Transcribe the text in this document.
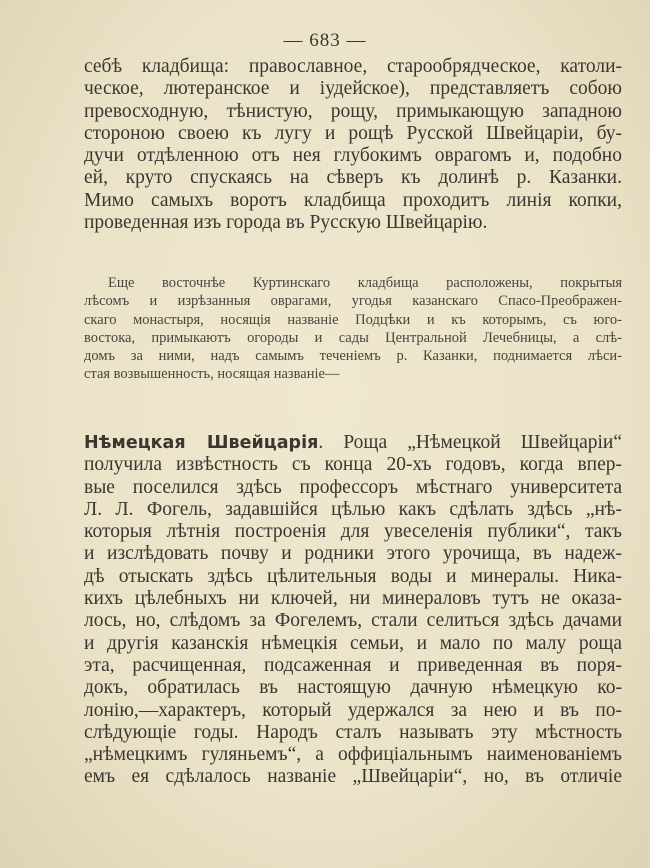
— 683 —
себѣ кладбища: православное, старообрядческое, католи-
ческое, лютеранское и іудейское), представляетъ собою
превосходную, тѣнистую, рощу, примыкающую западною
стороною своею къ лугу и рощѣ Русской Швейцаріи, бу-
дучи отдѣленною отъ нея глубокимъ оврагомъ и, подобно
ей, круто спускаясь на сѣверъ къ долинѣ р. Казанки.
Мимо самыхъ воротъ кладбища проходитъ линія копки,
проведенная изъ города въ Русскую Швейцарію.
Еще восточнѣе Куртинскаго кладбища расположены, покрытыя
лѣсомъ и изрѣзанныя оврагами, угодья казанскаго Спасо-Преображен-
скаго монастыря, носящія названіе Подцѣки и къ которымъ, съ юго-
востока, примыкаютъ огороды и сады Центральной Лечебницы, а слѣ-
домъ за ними, надъ самымъ теченіемъ р. Казанки, поднимается лѣси-
стая возвышенность, носящая названіе—
Нѣмецкая Швейцарія. Роща „Нѣмецкой Швейцаріи“
получила извѣстность съ конца 20-хъ годовъ, когда впер-
вые поселился здѣсь профессоръ мѣстнаго университета
Л. Л. Фогель, задавшійся цѣлью какъ сдѣлать здѣсь „нѣ-
которыя лѣтнія построенія для увеселенія публики“, такъ
и изслѣдовать почву и родники этого урочища, въ надеж-
дѣ отыскать здѣсь цѣлительныя воды и минералы. Ника-
кихъ цѣлебныхъ ни ключей, ни минераловъ тутъ не оказа-
лось, но, слѣдомъ за Фогелемъ, стали селиться здѣсь дачами
и другія казанскія нѣмецкія семьи, и мало по малу роща
эта, расчищенная, подсаженная и приведенная въ поря-
докъ, обратилась въ настоящую дачную нѣмецкую ко-
лонію,—характеръ, который удержался за нею и въ по-
слѣдующіе годы. Народъ сталъ называть эту мѣстность
„нѣмецкимъ гуляньемъ“, а оффиціальнымъ наименованіемъ
емъ ея сдѣлалось названіе „Швейцаріи“, но, въ отличіе
